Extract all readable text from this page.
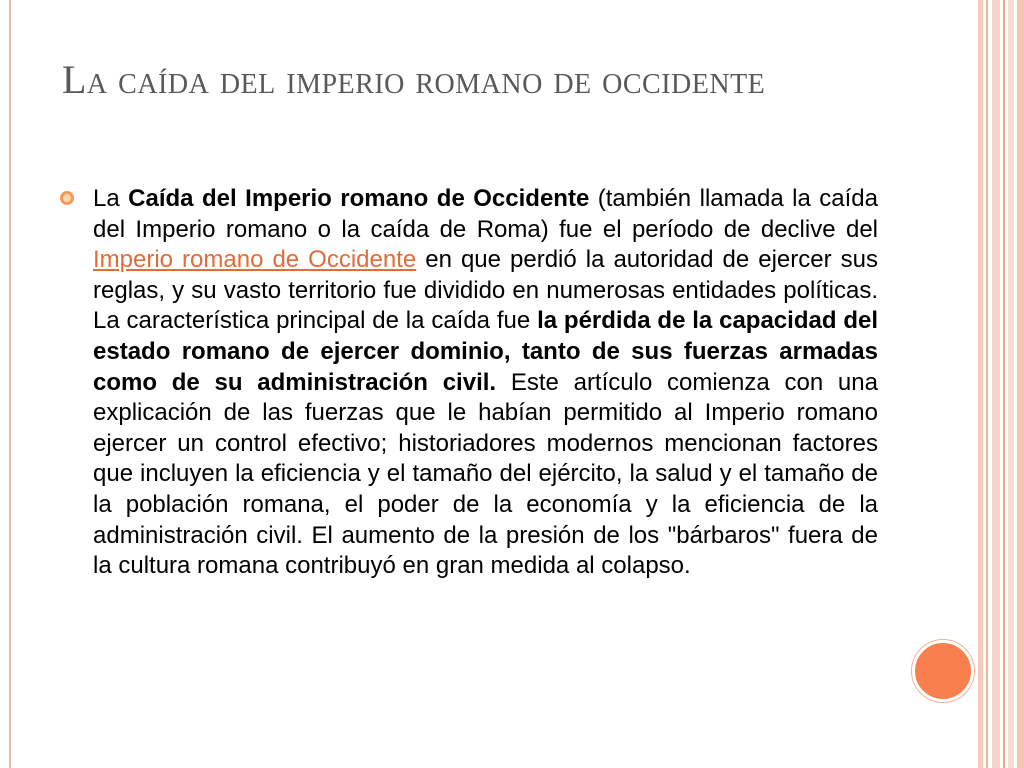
La caída del imperio romano de occidente

La Caída del Imperio romano de Occidente (también llamada la caída del Imperio romano o la caída de Roma) fue el período de declive del Imperio romano de Occidente en que perdió la autoridad de ejercer sus reglas, y su vasto territorio fue dividido en numerosas entidades políticas. La característica principal de la caída fue la pérdida de la capacidad del estado romano de ejercer dominio, tanto de sus fuerzas armadas como de su administración civil. Este artículo comienza con una explicación de las fuerzas que le habían permitido al Imperio romano ejercer un control efectivo; historiadores modernos mencionan factores que incluyen la eficiencia y el tamaño del ejército, la salud y el tamaño de la población romana, el poder de la economía y la eficiencia de la administración civil. El aumento de la presión de los "bárbaros" fuera de la cultura romana contribuyó en gran medida al colapso.
